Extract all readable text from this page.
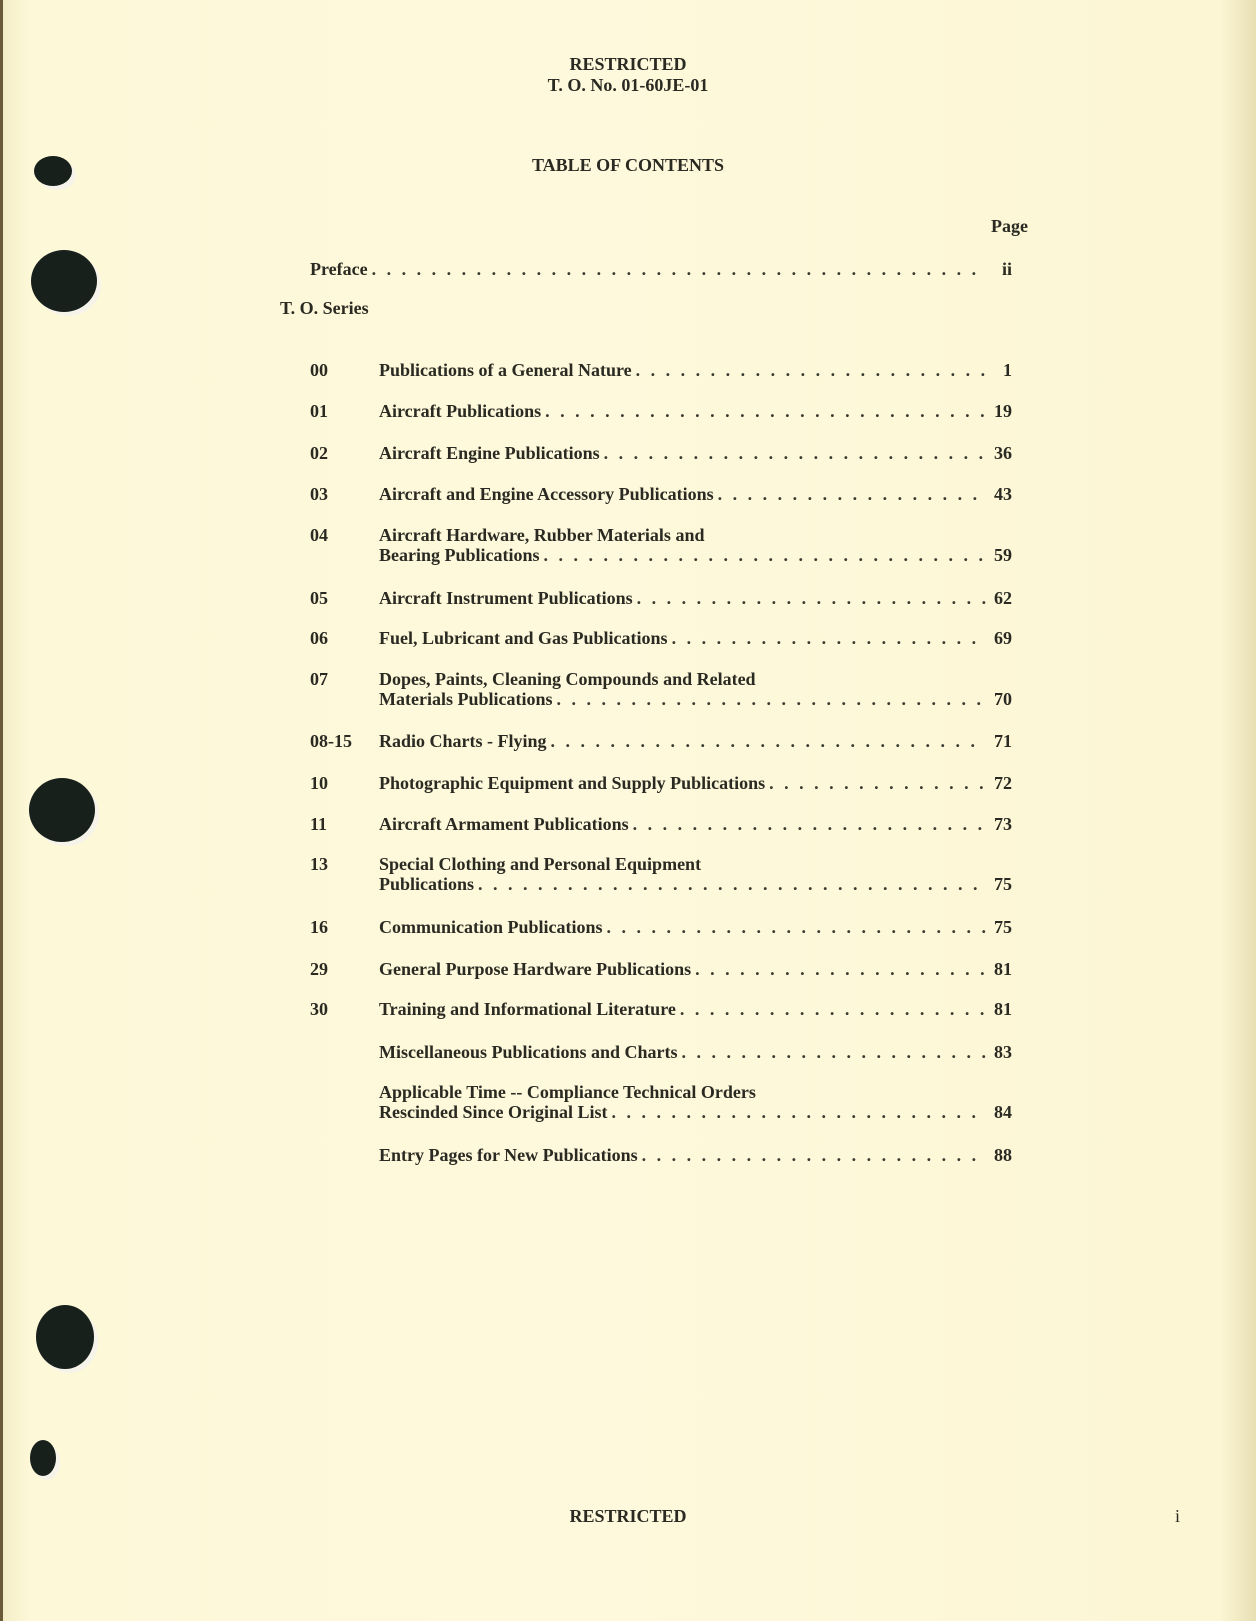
RESTRICTED
T. O. No. 01-60JE-01
TABLE OF CONTENTS
Page
Preface . . .	ii
T. O. Series
00	Publications of a General Nature . . .	1
01	Aircraft Publications . . .	19
02	Aircraft Engine Publications . . .	36
03	Aircraft and Engine Accessory Publications . . .	43
04	Aircraft Hardware, Rubber Materials and
Bearing Publications . . .	59
05	Aircraft Instrument Publications . . .	62
06	Fuel, Lubricant and Gas Publications . . .	69
07	Dopes, Paints, Cleaning Compounds and Related
Materials Publications . . .	70
08-15 Radio Charts - Flying . . .	71
10	Photographic Equipment and Supply Publications . . .	72
11	Aircraft Armament Publications . . .	73
13	Special Clothing and Personal Equipment
Publications . . .	75
16	Communication Publications . . .	75
29	General Purpose Hardware Publications . . .	81
30	Training and Informational Literature . . .	81
Miscellaneous Publications and Charts . . .	83
Applicable Time -- Compliance Technical Orders
Rescinded Since Original List . . .	84
Entry Pages for New Publications . . .	88
RESTRICTED	i
